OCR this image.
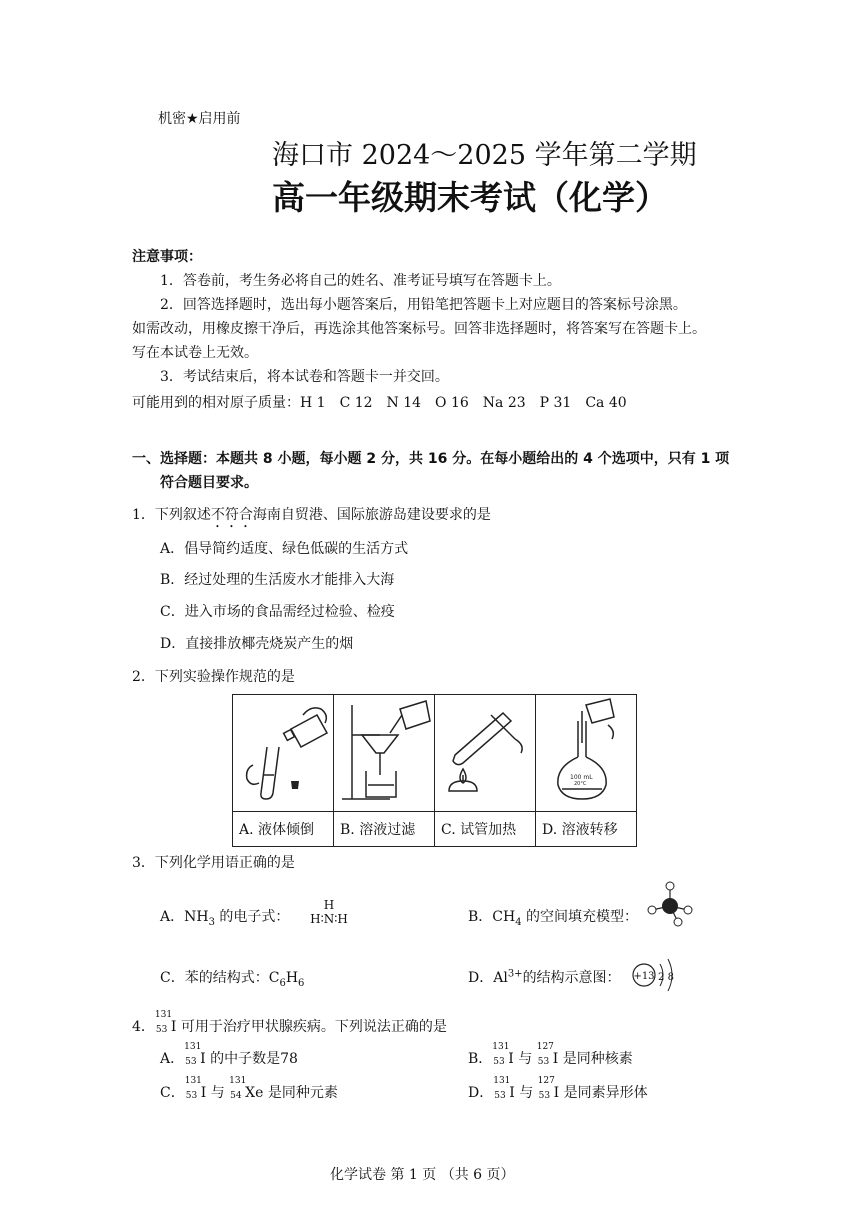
机密★启用前
海口市 2024～2025 学年第二学期
高一年级期末考试（化学）
注意事项：
1．答卷前，考生务必将自己的姓名、准考证号填写在答题卡上。
2．回答选择题时，选出每小题答案后，用铅笔把答题卡上对应题目的答案标号涂黑。
如需改动，用橡皮擦干净后，再选涂其他答案标号。回答非选择题时，将答案写在答题卡上。
写在本试卷上无效。
3．考试结束后，将本试卷和答题卡一并交回。
可能用到的相对原子质量：H 1　C 12　N 14　O 16　Na 23　P 31　Ca 40
一、选择题：本题共 8 小题，每小题 2 分，共 16 分。在每小题给出的 4 个选项中，只有 1 项
符合题目要求。
1．下列叙述不符合海南自贸港、国际旅游岛建设要求的是
A．倡导简约适度、绿色低碳的生活方式
B．经过处理的生活废水才能排入大海
C．进入市场的食品需经过检验、检疫
D．直接排放椰壳烧炭产生的烟
2．下列实验操作规范的是

100 mL
20°C

A. 液体倾倒	B. 溶液过滤	C. 试管加热	D. 溶液转移
3．下列化学用语正确的是
A．$NH_3$ 的电子式：
H
H∶N∶H	B．$CH_4$ 的空间填充模型：
C．苯的结构式：$C_6H_6$	D．$Al^{3+}$的结构示意图： +13 2 8
4．
131
53 I 可用于治疗甲状腺疾病。下列说法正确的是
A．
131
53 I 的中子数是78	B．
131
53 I 与
127
53 I 是同种核素
C．
131
53 I 与
131
54 Xe 是同种元素	D．
131
53 I 与
127
53 I 是同素异形体
化学试卷 第 1 页 （共 6 页）
